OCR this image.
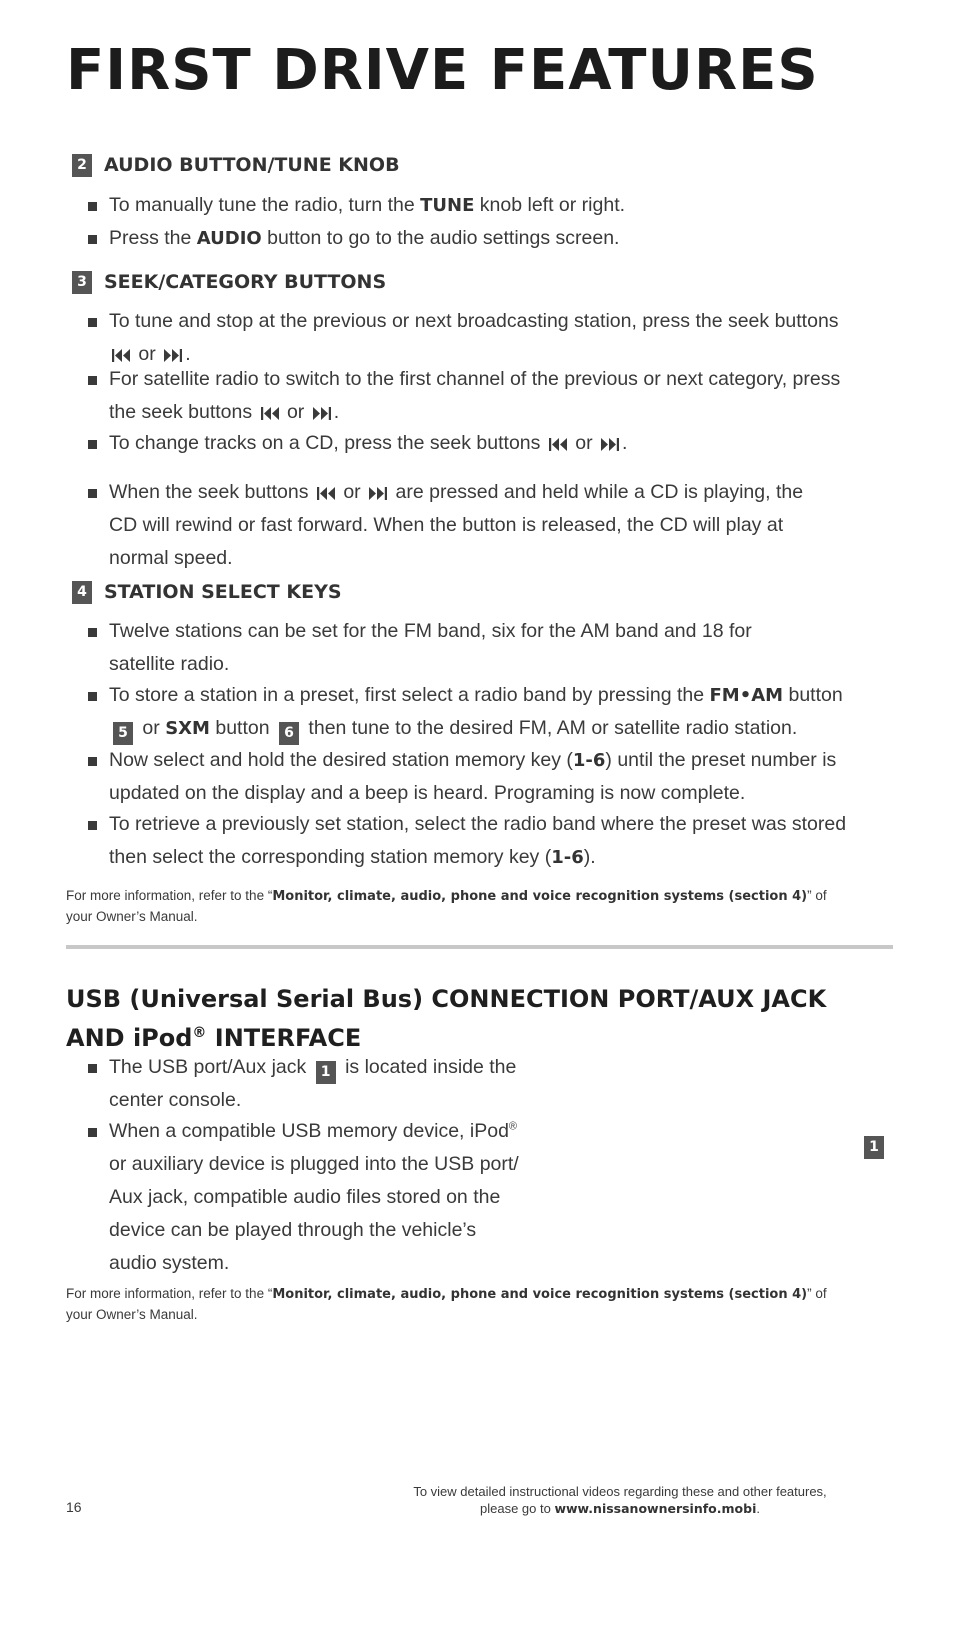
FIRST DRIVE FEATURES
2 AUDIO BUTTON/TUNE KNOB

To manually tune the radio, turn the TUNE knob left or right.

Press the AUDIO button to go to the audio settings screen.

3 SEEK/CATEGORY BUTTONS

To tune and stop at the previous or next broadcasting station, press the seek buttons
or .

For satellite radio to switch to the first channel of the previous or next category, press
the seek buttons or .

To change tracks on a CD, press the seek buttons or .

When the seek buttons or are pressed and held while a CD is playing, the
CD will rewind or fast forward. When the button is released, the CD will play at
normal speed.

4 STATION SELECT KEYS

Twelve stations can be set for the FM band, six for the AM band and 18 for
satellite radio.

To store a station in a preset, first select a radio band by pressing the FM•AM button
5 or SXM button 6 then tune to the desired FM, AM or satellite radio station.

Now select and hold the desired station memory key (1-6) until the preset number is
updated on the display and a beep is heard. Programing is now complete.

To retrieve a previously set station, select the radio band where the preset was stored
then select the corresponding station memory key (1-6).

For more information, refer to the “Monitor, climate, audio, phone and voice recognition systems (section 4)” of
your Owner’s Manual.

USB (Universal Serial Bus) CONNECTION PORT/AUX JACK
AND iPod® INTERFACE

The USB port/Aux jack 1 is located inside the
center console.

When a compatible USB memory device, iPod®
or auxiliary device is plugged into the USB port/
Aux jack, compatible audio files stored on the
device can be played through the vehicle’s
audio system.

1

For more information, refer to the “Monitor, climate, audio, phone and voice recognition systems (section 4)” of
your Owner’s Manual.

16
To view detailed instructional videos regarding these and other features,
please go to www.nissanownersinfo.mobi.
